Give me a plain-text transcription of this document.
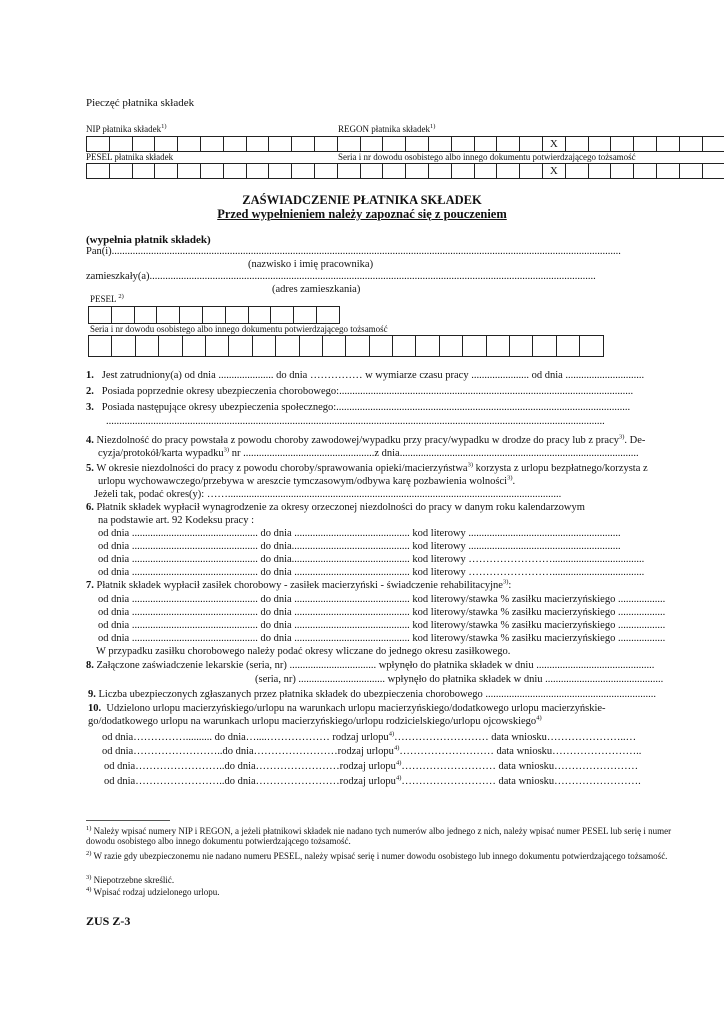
Pieczęć płatnika składek
NIP płatnika składek$^{1)}$	REGON płatnika składek$^{1)}$
X
PESEL płatnika składek	Seria i nr dowodu osobistego albo innego dokumentu potwierdzającego tożsamość
X
ZAŚWIADCZENIE PŁATNIKA SKŁADEK
Przed wypełnieniem należy zapoznać się z pouczeniem
(wypełnia płatnik składek)
Pan(i)..................................................................................................................................................................................................
(nazwisko i imię pracownika)
zamieszkały(a)..........................................................................................................................................................................
(adres zamieszkania)
PESEL $^{2)}$
Seria i nr dowodu osobistego albo innego dokumentu potwierdzającego tożsamość
1. Jest zatrudniony(a) od dnia ..................... do dnia …………… w wymiarze czasu pracy ...................... od dnia ..............................
2. Posiada poprzednie okresy ubezpieczenia chorobowego:................................................................................................................
3. Posiada następujące okresy ubezpieczenia społecznego:................................................................................................................
..............................................................................................................................................................................................
4. Niezdolność do pracy powstała z powodu choroby zawodowej/wypadku przy pracy/wypadku w drodze do pracy lub z pracy$^{3)}$. De-
cyzja/protokół/karta wypadku$^{3)}$ nr ..................................................z dnia...........................................................................................
5. W okresie niezdolności do pracy z powodu choroby/sprawowania opieki/macierzyństwa$^{3)}$ korzysta z urlopu bezpłatnego/korzysta z
urlopu wychowawczego/przebywa w areszcie tymczasowym/odbywa karę pozbawienia wolności$^{3)}$.
Jeżeli tak, podać okres(y): ……...............................................................................................................................
6. Płatnik składek wypłacił wynagrodzenie za okresy orzeczonej niezdolności do pracy w danym roku kalendarzowym
na podstawie art. 92 Kodeksu pracy :
od dnia ................................................ do dnia ............................................ kod literowy ..........................................................
od dnia ................................................ do dnia............................................. kod literowy ..........................................................
od dnia ................................................ do dnia............................................. kod literowy ……………………...................................
od dnia ................................................ do dnia ............................................ kod literowy ……………………...................................
7. Płatnik składek wypłacił zasiłek chorobowy - zasiłek macierzyński - świadczenie rehabilitacyjne$^{3)}$:
od dnia ................................................ do dnia ............................................ kod literowy/stawka % zasiłku macierzyńskiego ..................
od dnia ................................................ do dnia ............................................ kod literowy/stawka % zasiłku macierzyńskiego ..................
od dnia ................................................ do dnia ............................................ kod literowy/stawka % zasiłku macierzyńskiego ..................
od dnia ................................................ do dnia ............................................ kod literowy/stawka % zasiłku macierzyńskiego ..................
W przypadku zasiłku chorobowego należy podać okresy wliczane do jednego okresu zasiłkowego.
8. Załączone zaświadczenie lekarskie (seria, nr) ................................. wpłynęło do płatnika składek w dniu .............................................
(seria, nr) ................................. wpłynęło do płatnika składek w dniu .............................................
9. Liczba ubezpieczonych zgłaszanych przez płatnika składek do ubezpieczenia chorobowego .................................................................
10. Udzielono urlopu macierzyńskiego/urlopu na warunkach urlopu macierzyńskiego/dodatkowego urlopu macierzyńskie-
go/dodatkowego urlopu na warunkach urlopu macierzyńskiego/urlopu rodzicielskiego/urlopu ojcowskiego$^{4)}$
od dnia…………….......... do dnia…....……………… rodzaj urlopu$^{4)}$……………………… data wniosku…………………..…
od dnia……………………..do dnia……………………rodzaj urlopu$^{4)}$……………………… data wniosku……………………..
od dnia……………………..do dnia……………………rodzaj urlopu$^{4)}$……………………… data wniosku……………………
od dnia……………………..do dnia……………………rodzaj urlopu$^{4)}$……………………… data wniosku…………………….
$^{1)}$ Należy wpisać numery NIP i REGON, a jeżeli płatnikowi składek nie nadano tych numerów albo jednego z nich, należy wpisać numer PESEL lub serię i numer dowodu osobistego albo innego dokumentu potwierdzającego tożsamość.
$^{2)}$ W razie gdy ubezpieczonemu nie nadano numeru PESEL, należy wpisać serię i numer dowodu osobistego lub innego dokumentu potwierdzającego tożsamość.
$^{3)}$ Niepotrzebne skreślić.
$^{4)}$ Wpisać rodzaj udzielonego urlopu.
ZUS Z-3
